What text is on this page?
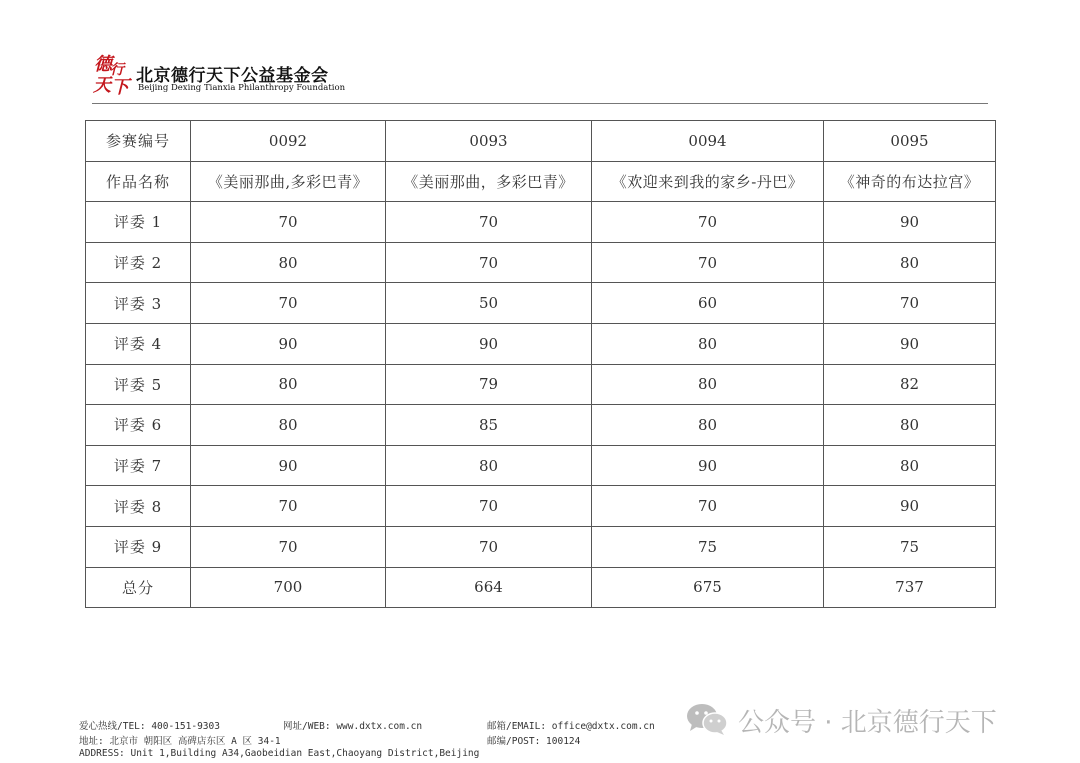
德
行
天 下
北京德行天下公益基金会
Beijing Dexing Tianxia Philanthropy Foundation
参赛编号	0092	0093	0094	0095
作品名称	《美丽那曲,多彩巴青》	《美丽那曲，多彩巴青》	《欢迎来到我的家乡-丹巴》	《神奇的布达拉宫》
评委 1	70	70	70	90
评委 2	80	70	70	80
评委 3	70	50	60	70
评委 4	90	90	80	90
评委 5	80	79	80	82
评委 6	80	85	80	80
评委 7	90	80	90	80
评委 8	70	70	70	90
评委 9	70	70	75	75
总分	700	664	675	737
爱心热线/TEL: 400-151-9303	网址/WEB: www.dxtx.com.cn	邮箱/EMAIL: office@dxtx.com.cn
地址: 北京市 朝阳区 高碑店东区 A 区 34-1	邮编/POST: 100124
ADDRESS: Unit 1,Building A34,Gaobeidian East,Chaoyang District,Beijing
公众号 · 北京德行天下
